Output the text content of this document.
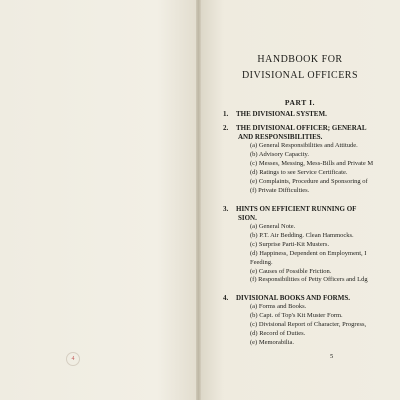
4
HANDBOOK FOR
DIVISIONAL OFFICERS
PART I.
1. THE DIVISIONAL SYSTEM.
2. THE DIVISIONAL OFFICER; GENERAL
AND RESPONSIBILITIES.
(a) General Responsibilities and Attitude.
(b) Advisory Capacity.
(c) Messes, Messing, Mess-Bills and Private M
(d) Ratings to see Service Certificate.
(e) Complaints, Procedure and Sponsoring of
(f) Private Difficulties.
3. HINTS ON EFFICIENT RUNNING OF
SION.
(a) General Note.
(b) P.T. Air Bedding. Clean Hammocks.
(c) Surprise Parti-Kit Musters.
(d) Happiness, Dependent on Employment, I
Feeding.
(e) Causes of Possible Friction.
(f) Responsibilities of Petty Officers and Ldg
4. DIVISIONAL BOOKS AND FORMS.
(a) Forms and Books.
(b) Capt. of Top's Kit Muster Form.
(c) Divisional Report of Character, Progress,
(d) Record of Duties.
(e) Memorabilia.
5
